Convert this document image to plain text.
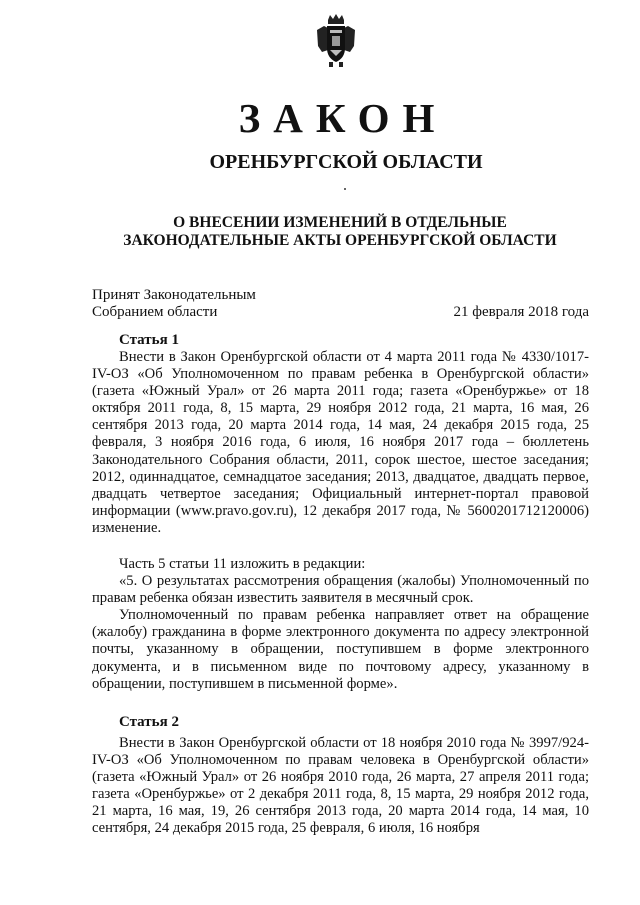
ЗАКОН
ОРЕНБУРГСКОЙ ОБЛАСТИ
О ВНЕСЕНИИ ИЗМЕНЕНИЙ В ОТДЕЛЬНЫЕ
ЗАКОНОДАТЕЛЬНЫЕ АКТЫ ОРЕНБУРГСКОЙ ОБЛАСТИ
Принят Законодательным
Собранием области	21 февраля 2018 года
Статья 1

Внести в Закон Оренбургской области от 4 марта 2011 года № 4330/1017-IV-ОЗ «Об Уполномоченном по правам ребенка в Оренбургской области» (газета «Южный Урал» от 26 марта 2011 года; газета «Оренбуржье» от 18 октября 2011 года, 8, 15 марта, 29 ноября 2012 года, 21 марта, 16 мая, 26 сентября 2013 года, 20 марта 2014 года, 14 мая, 24 декабря 2015 года, 25 февраля, 3 ноября 2016 года, 6 июля, 16 ноября 2017 года – бюллетень Законодательного Собрания области, 2011, сорок шестое, шестое заседания; 2012, одиннадцатое, семнадцатое заседания; 2013, двадцатое, двадцать первое, двадцать четвертое заседания; Официальный интернет-портал правовой информации (www.pravo.gov.ru), 12 декабря 2017 года, № 5600201712120006) изменение.

Часть 5 статьи 11 изложить в редакции:

«5. О результатах рассмотрения обращения (жалобы) Уполномоченный по правам ребенка обязан известить заявителя в месячный срок.

Уполномоченный по правам ребенка направляет ответ на обращение (жалобу) гражданина в форме электронного документа по адресу электронной почты, указанному в обращении, поступившем в форме электронного документа, и в письменном виде по почтовому адресу, указанному в обращении, поступившем в письменной форме».

Статья 2

Внести в Закон Оренбургской области от 18 ноября 2010 года № 3997/924-IV-ОЗ «Об Уполномоченном по правам человека в Оренбургской области» (газета «Южный Урал» от 26 ноября 2010 года, 26 марта, 27 апреля 2011 года; газета «Оренбуржье» от 2 декабря 2011 года, 8, 15 марта, 29 ноября 2012 года, 21 марта, 16 мая, 19, 26 сентября 2013 года, 20 марта 2014 года, 14 мая, 10 сентября, 24 декабря 2015 года, 25 февраля, 6 июля, 16 ноября
